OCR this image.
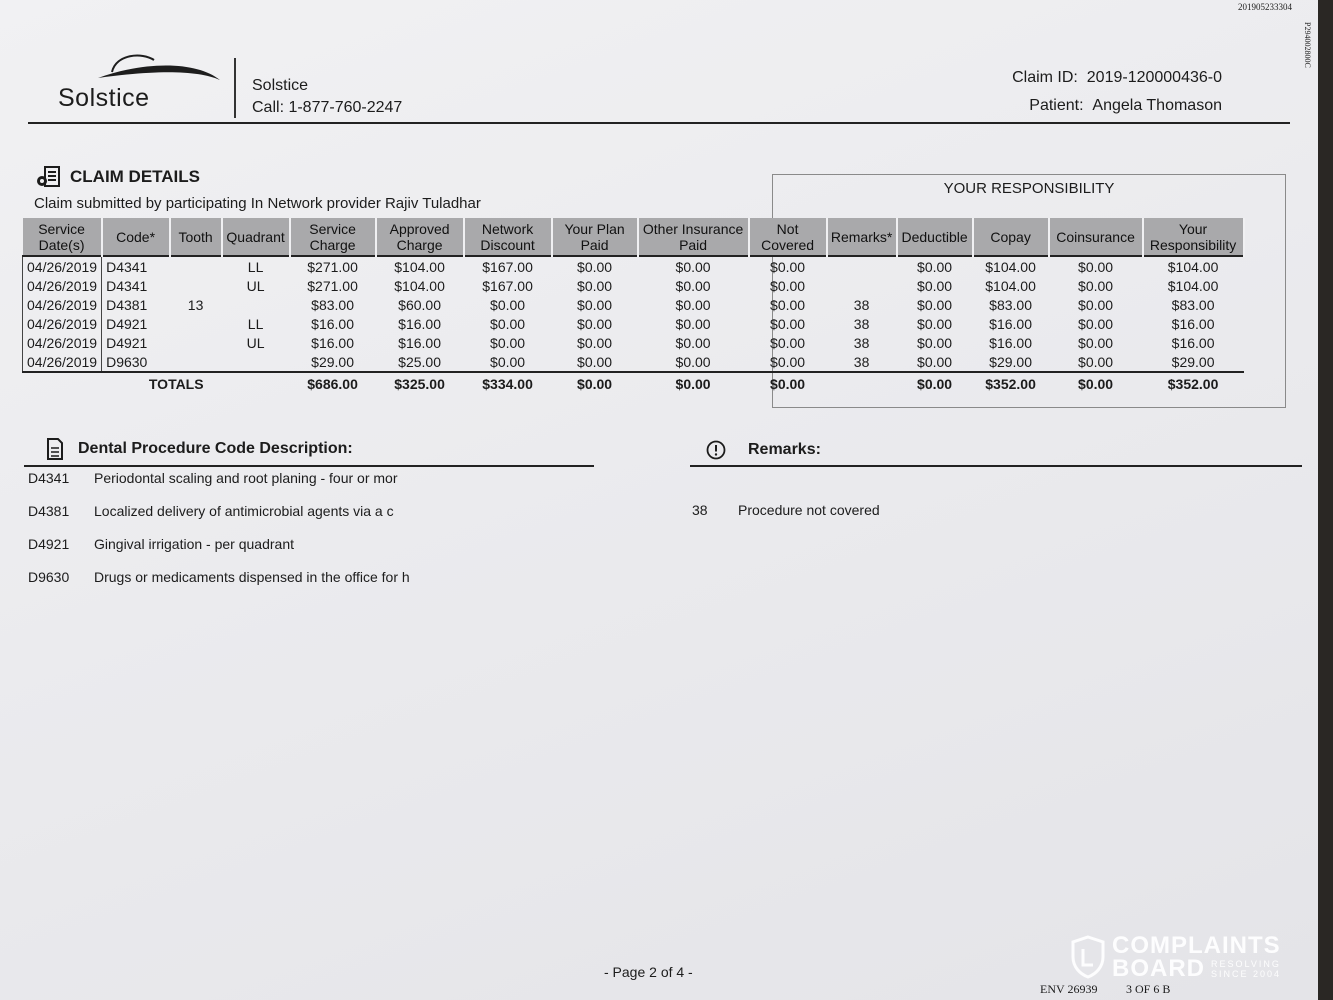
201905233304
P294002800C
Solstice	Solstice
Call: 1-877-760-2247
Claim ID: 2019-120000436-0
Patient: Angela Thomason
CLAIM DETAILS
Claim submitted by participating In Network provider Rajiv Tuladhar
YOUR RESPONSIBILITY
Service Date(s)	Code*	Tooth	Quadrant	Service Charge	Approved Charge	Network Discount	Your Plan Paid	Other Insurance Paid	Not Covered	Remarks*	Deductible	Copay	Coinsurance	Your Responsibility
04/26/2019	D4341		LL	$271.00	$104.00	$167.00	$0.00	$0.00	$0.00		$0.00	$104.00	$0.00	$104.00
04/26/2019	D4341		UL	$271.00	$104.00	$167.00	$0.00	$0.00	$0.00		$0.00	$104.00	$0.00	$104.00
04/26/2019	D4381	13		$83.00	$60.00	$0.00	$0.00	$0.00	$0.00	38	$0.00	$83.00	$0.00	$83.00
04/26/2019	D4921		LL	$16.00	$16.00	$0.00	$0.00	$0.00	$0.00	38	$0.00	$16.00	$0.00	$16.00
04/26/2019	D4921		UL	$16.00	$16.00	$0.00	$0.00	$0.00	$0.00	38	$0.00	$16.00	$0.00	$16.00
04/26/2019	D9630			$29.00	$25.00	$0.00	$0.00	$0.00	$0.00	38	$0.00	$29.00	$0.00	$29.00
TOTALS				$686.00	$325.00	$334.00	$0.00	$0.00	$0.00		$0.00	$352.00	$0.00	$352.00
Dental Procedure Code Description:
D4341	Periodontal scaling and root planing - four or mor
D4381	Localized delivery of antimicrobial agents via a c
D4921	Gingival irrigation - per quadrant
D9630	Drugs or medicaments dispensed in the office for h
Remarks:
38	Procedure not covered
- Page 2 of 4 -
ENV 26939 3 OF 6 B
COMPLAINTS
BOARD RESOLVING
SINCE 2004
